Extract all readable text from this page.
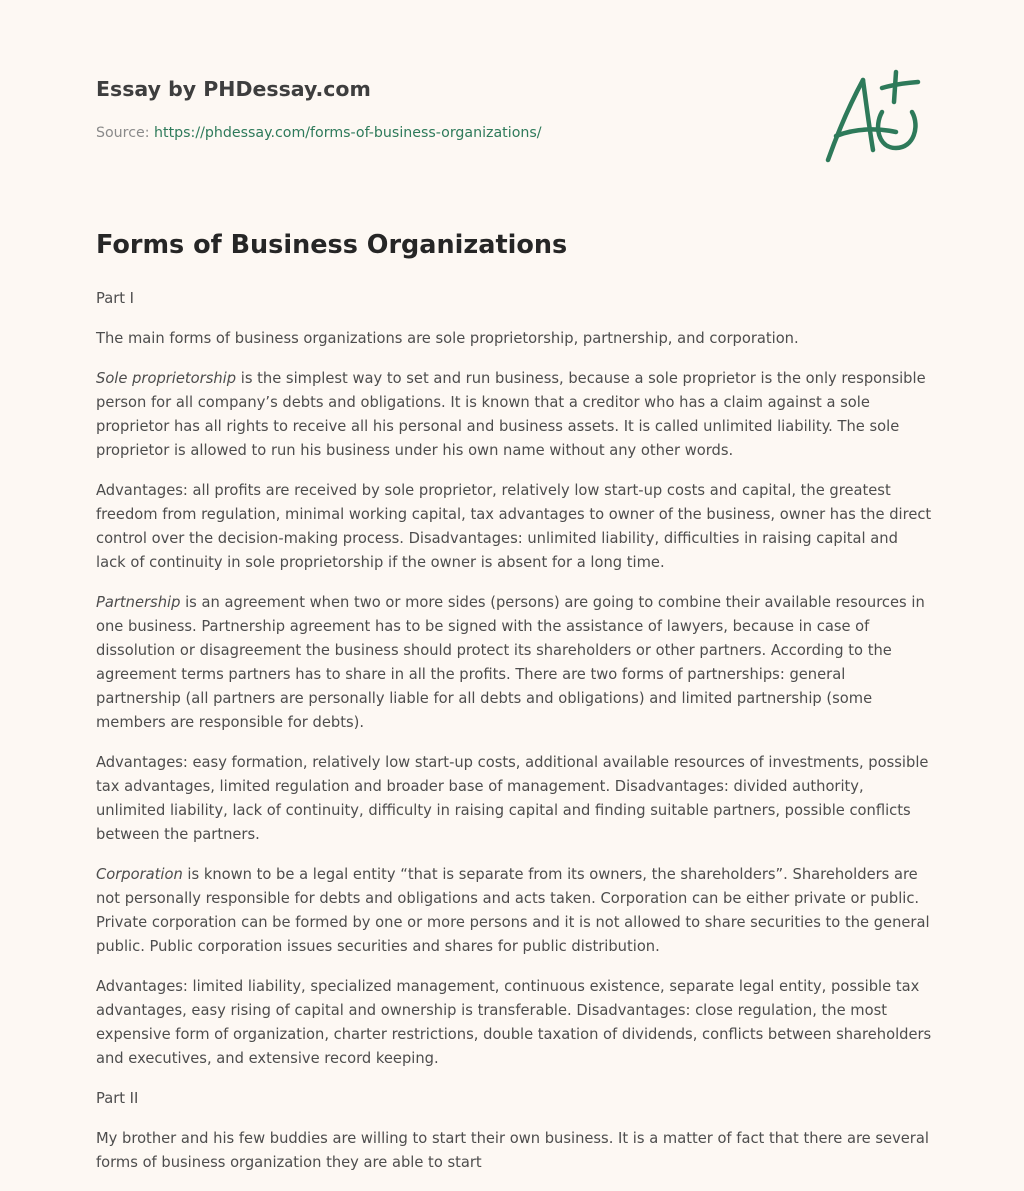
Essay by PHDessay.com
Source: https://phdessay.com/forms-of-business-organizations/
Forms of Business Organizations

Part I

The main forms of business organizations are sole proprietorship, partnership, and corporation.

Sole proprietorship is the simplest way to set and run business, because a sole proprietor is the only responsible person for all company’s debts and obligations. It is known that a creditor who has a claim against a sole proprietor has all rights to receive all his personal and business assets. It is called unlimited liability. The sole proprietor is allowed to run his business under his own name without any other words.

Advantages: all profits are received by sole proprietor, relatively low start-up costs and capital, the greatest freedom from regulation, minimal working capital, tax advantages to owner of the business, owner has the direct control over the decision-making process. Disadvantages: unlimited liability, difficulties in raising capital and lack of continuity in sole proprietorship if the owner is absent for a long time.

Partnership is an agreement when two or more sides (persons) are going to combine their available resources in one business. Partnership agreement has to be signed with the assistance of lawyers, because in case of dissolution or disagreement the business should protect its shareholders or other partners. According to the agreement terms partners has to share in all the profits. There are two forms of partnerships: general partnership (all partners are personally liable for all debts and obligations) and limited partnership (some members are responsible for debts).

Advantages: easy formation, relatively low start-up costs, additional available resources of investments, possible tax advantages, limited regulation and broader base of management. Disadvantages: divided authority, unlimited liability, lack of continuity, difficulty in raising capital and finding suitable partners, possible conflicts between the partners.

Corporation is known to be a legal entity “that is separate from its owners, the shareholders”. Shareholders are not personally responsible for debts and obligations and acts taken. Corporation can be either private or public. Private corporation can be formed by one or more persons and it is not allowed to share securities to the general public. Public corporation issues securities and shares for public distribution.

Advantages: limited liability, specialized management, continuous existence, separate legal entity, possible tax advantages, easy rising of capital and ownership is transferable. Disadvantages: close regulation, the most expensive form of organization, charter restrictions, double taxation of dividends, conflicts between shareholders and executives, and extensive record keeping.

Part II

My brother and his few buddies are willing to start their own business. It is a matter of fact that there are several forms of business organization they are able to start
